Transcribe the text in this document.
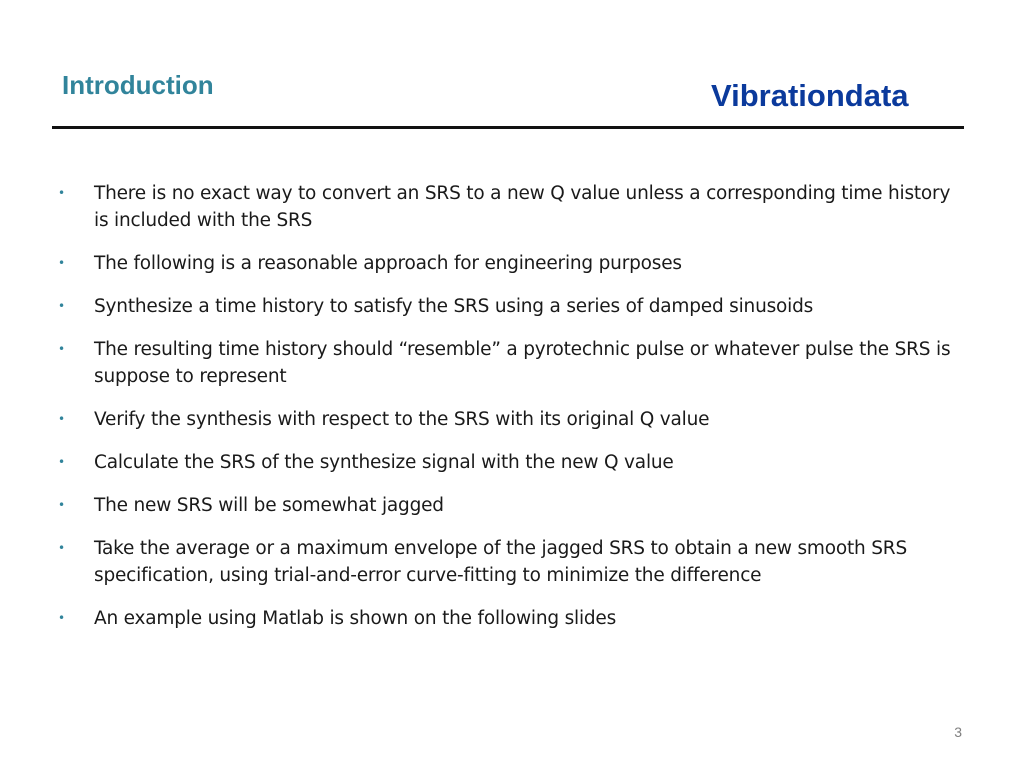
Introduction	Vibrationdata
• There is no exact way to convert an SRS to a new Q value unless a corresponding time history is included with the SRS
• The following is a reasonable approach for engineering purposes
• Synthesize a time history to satisfy the SRS using a series of damped sinusoids
• The resulting time history should “resemble” a pyrotechnic pulse or whatever pulse the SRS is suppose to represent
• Verify the synthesis with respect to the SRS with its original Q value
• Calculate the SRS of the synthesize signal with the new Q value
• The new SRS will be somewhat jagged
• Take the average or a maximum envelope of the jagged SRS to obtain a new smooth SRS specification, using trial-and-error curve-fitting to minimize the difference
• An example using Matlab is shown on the following slides
3
